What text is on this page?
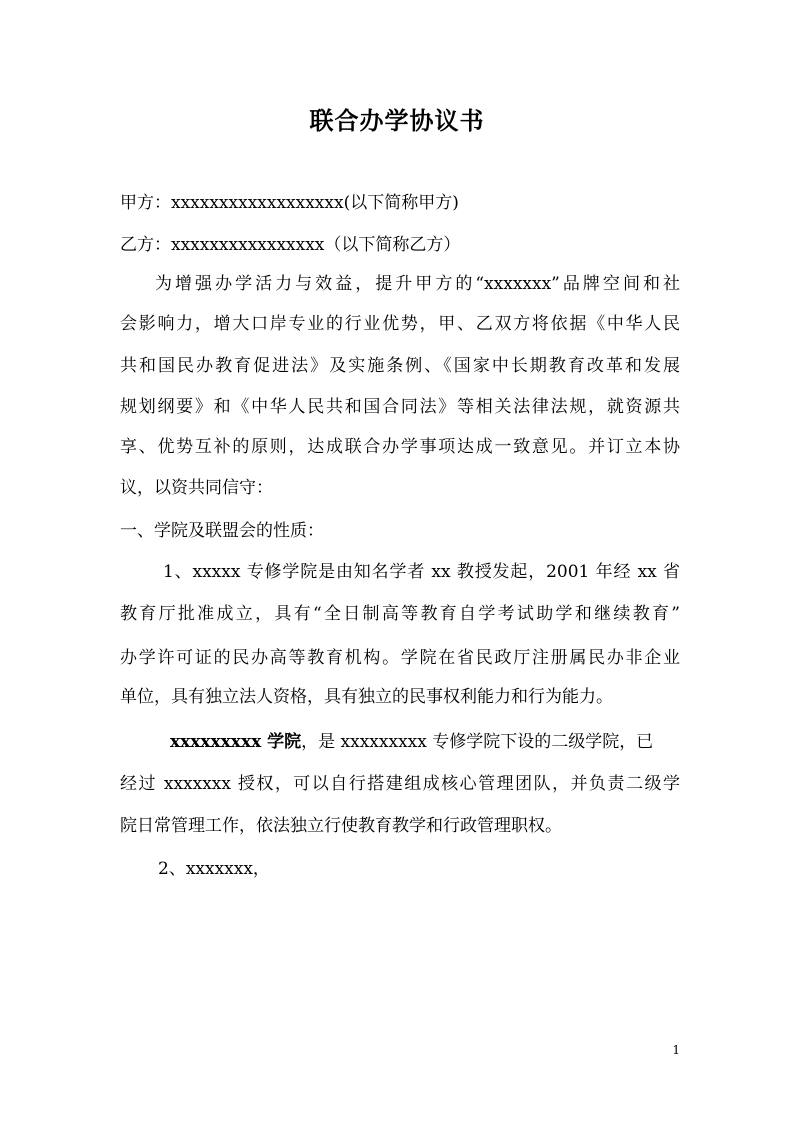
联合办学协议书
甲方：xxxxxxxxxxxxxxxxxx(以下简称甲方)
乙方：xxxxxxxxxxxxxxxx（以下简称乙方）
为增强办学活力与效益，提升甲方的“xxxxxxx”品牌空间和社
会影响力，增大口岸专业的行业优势，甲、乙双方将依据《中华人民
共和国民办教育促进法》及实施条例、《国家中长期教育改革和发展
规划纲要》和《中华人民共和国合同法》等相关法律法规，就资源共
享、优势互补的原则，达成联合办学事项达成一致意见。并订立本协
议，以资共同信守：
一、学院及联盟会的性质：
1、xxxxx 专修学院是由知名学者 xx 教授发起，2001 年经 xx 省
教育厅批准成立，具有“全日制高等教育自学考试助学和继续教育”
办学许可证的民办高等教育机构。学院在省民政厅注册属民办非企业
单位，具有独立法人资格，具有独立的民事权利能力和行为能力。
xxxxxxxxx 学院，是 xxxxxxxxx 专修学院下设的二级学院，已
经过 xxxxxxx 授权，可以自行搭建组成核心管理团队，并负责二级学
院日常管理工作，依法独立行使教育教学和行政管理职权。
2、xxxxxxx，
1
